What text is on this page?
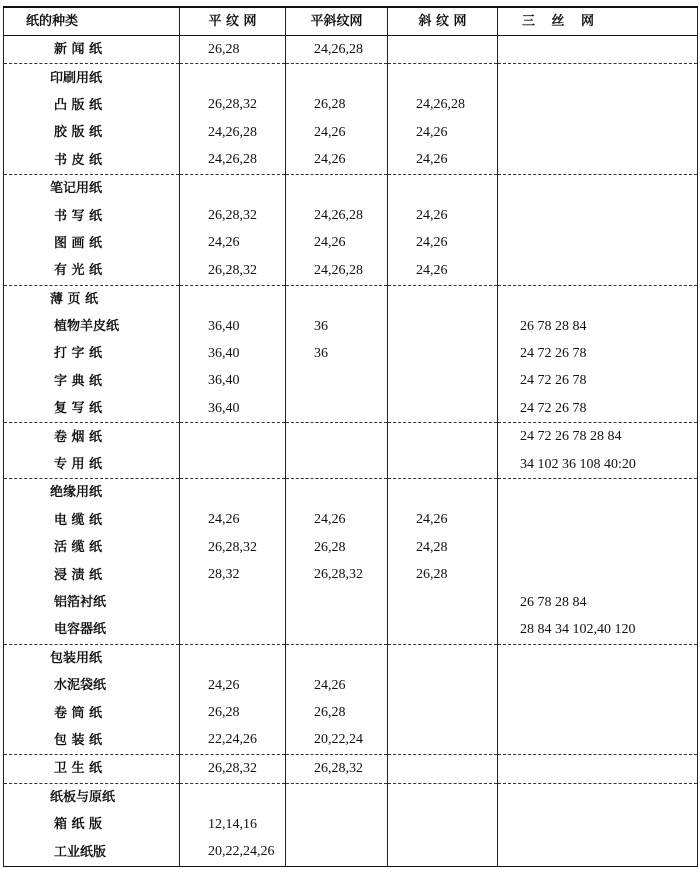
纸的种类	平 纹 网	平斜纹网	斜 纹 网	三 丝 网
新 闻 纸	26,28	24,26,28		
印刷用纸				
凸 版 纸	26,28,32	26,28	24,26,28	
胶 版 纸	24,26,28	24,26	24,26	
书 皮 纸	24,26,28	24,26	24,26	
笔记用纸				
书 写 纸	26,28,32	24,26,28	24,26	
图 画 纸	24,26	24,26	24,26	
有 光 纸	26,28,32	24,26,28	24,26	
薄 页 纸				
植物羊皮纸	36,40	36		26 78 28 84
打 字 纸	36,40	36		24 72 26 78
字 典 纸	36,40			24 72 26 78
复 写 纸	36,40			24 72 26 78
卷 烟 纸				24 72 26 78 28 84
专 用 纸				34 102 36 108 40:20
绝缘用纸				
电 缆 纸	24,26	24,26	24,26	
活 缆 纸	26,28,32	26,28	24,28	
浸 渍 纸	28,32	26,28,32	26,28	
铝箔衬纸				26 78 28 84
电容器纸				28 84 34 102,40 120
包装用纸				
水泥袋纸	24,26	24,26		
卷 筒 纸	26,28	26,28		
包 装 纸	22,24,26	20,22,24		
卫 生 纸	26,28,32	26,28,32		
纸板与原纸				
箱 纸 版	12,14,16			
工业纸版	20,22,24,26			
